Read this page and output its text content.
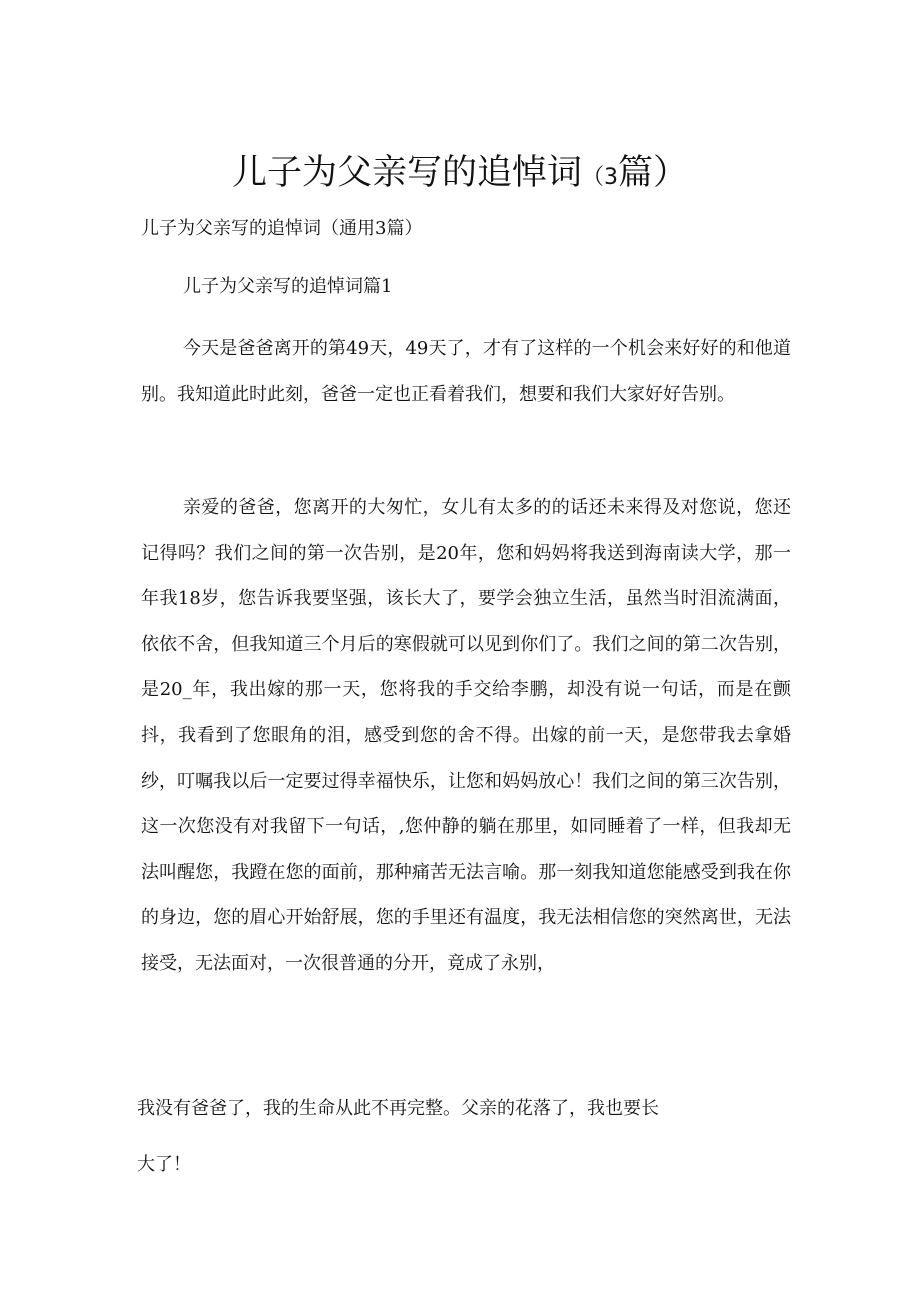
儿子为父亲写的追悼词（3篇）
儿子为父亲写的追悼词（通用3篇）
儿子为父亲写的追悼词篇1

今天是爸爸离开的第49天，49天了，才有了这样的一个机会来好好的和他道别。我知道此时此刻，爸爸一定也正看着我们，想要和我们大家好好告别。

亲爱的爸爸，您离开的大匆忙，女儿有太多的的话还未来得及对您说，您还记得吗？我们之间的第一次告别，是20年，您和妈妈将我送到海南读大学，那一年我18岁，您告诉我要坚强，该长大了，要学会独立生活，虽然当时泪流满面，依依不舍，但我知道三个月后的寒假就可以见到你们了。我们之间的第二次告别，是20_年，我出嫁的那一天，您将我的手交给李鹏，却没有说一句话，而是在颤抖，我看到了您眼角的泪，感受到您的舍不得。出嫁的前一天，是您带我去拿婚纱，叮嘱我以后一定要过得幸福快乐，让您和妈妈放心！我们之间的第三次告别，这一次您没有对我留下一句话，,您仲静的躺在那里，如同睡着了一样，但我却无法叫醒您，我蹬在您的面前，那种痛苦无法言喻。那一刻我知道您能感受到我在你的身边，您的眉心开始舒展，您的手里还有温度，我无法相信您的突然离世，无法接受，无法面对，一次很普通的分开，竟成了永别，

我没有爸爸了，我的生命从此不再完整。父亲的花落了，我也要长
大了！
